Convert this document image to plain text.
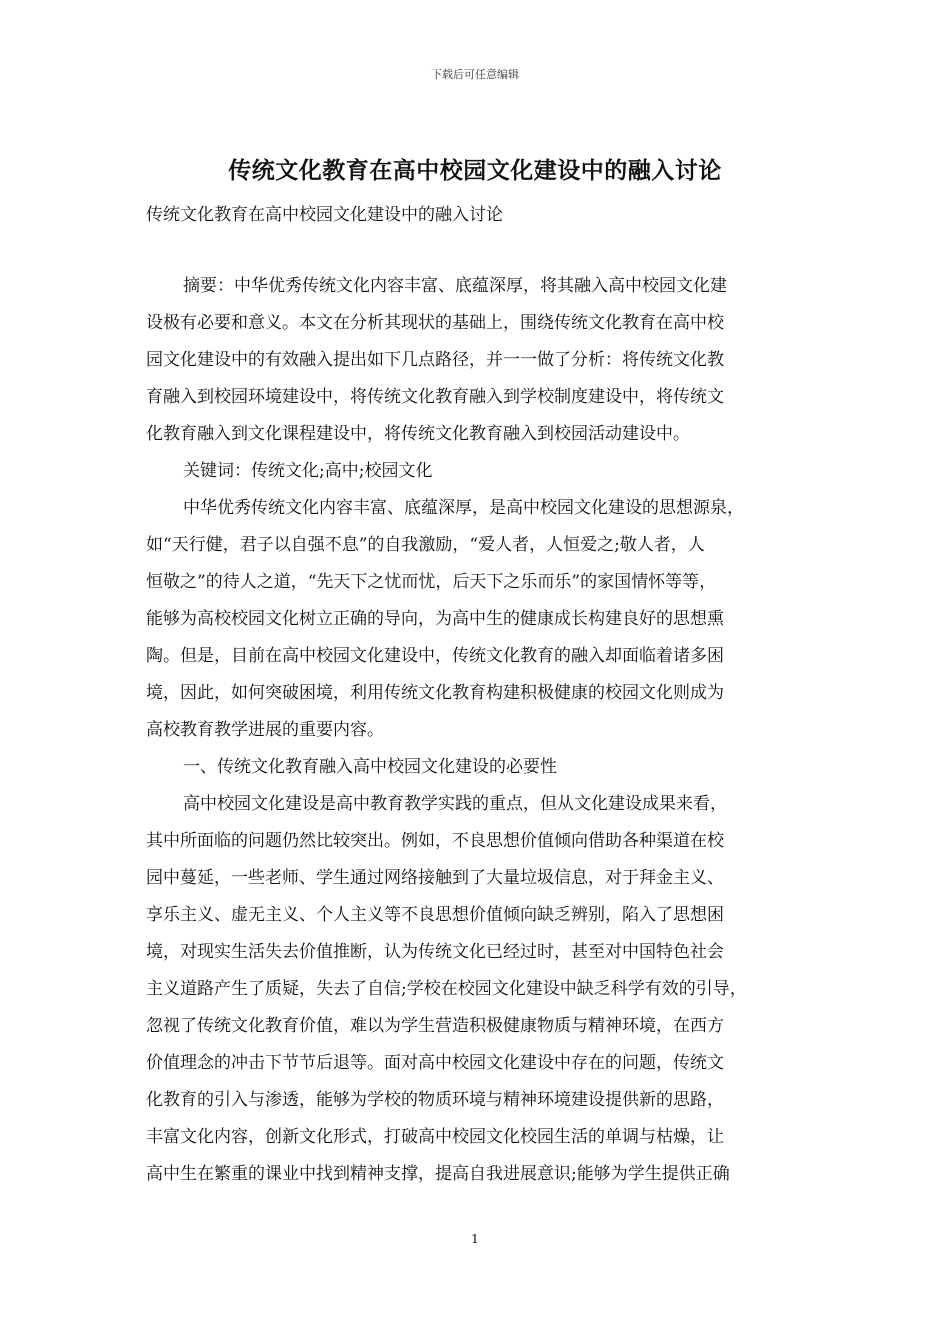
下载后可任意编辑
传统文化教育在高中校园文化建设中的融入讨论
传统文化教育在高中校园文化建设中的融入讨论
摘要：中华优秀传统文化内容丰富、底蕴深厚，将其融入高中校园文化建
设极有必要和意义。本文在分析其现状的基础上，围绕传统文化教育在高中校
园文化建设中的有效融入提出如下几点路径，并一一做了分析：将传统文化教
育融入到校园环境建设中，将传统文化教育融入到学校制度建设中，将传统文
化教育融入到文化课程建设中，将传统文化教育融入到校园活动建设中。
关键词：传统文化;高中;校园文化
中华优秀传统文化内容丰富、底蕴深厚，是高中校园文化建设的思想源泉，
如“天行健，君子以自强不息”的自我激励，“爱人者，人恒爱之;敬人者，人
恒敬之”的待人之道，“先天下之忧而忧，后天下之乐而乐”的家国情怀等等，
能够为高校校园文化树立正确的导向，为高中生的健康成长构建良好的思想熏
陶。但是，目前在高中校园文化建设中，传统文化教育的融入却面临着诸多困
境，因此，如何突破困境，利用传统文化教育构建积极健康的校园文化则成为
高校教育教学进展的重要内容。
一、传统文化教育融入高中校园文化建设的必要性
高中校园文化建设是高中教育教学实践的重点，但从文化建设成果来看，
其中所面临的问题仍然比较突出。例如，不良思想价值倾向借助各种渠道在校
园中蔓延，一些老师、学生通过网络接触到了大量垃圾信息，对于拜金主义、
享乐主义、虚无主义、个人主义等不良思想价值倾向缺乏辨别，陷入了思想困
境，对现实生活失去价值推断，认为传统文化已经过时，甚至对中国特色社会
主义道路产生了质疑，失去了自信;学校在校园文化建设中缺乏科学有效的引导，
忽视了传统文化教育价值，难以为学生营造积极健康物质与精神环境，在西方
价值理念的冲击下节节后退等。面对高中校园文化建设中存在的问题，传统文
化教育的引入与渗透，能够为学校的物质环境与精神环境建设提供新的思路，
丰富文化内容，创新文化形式，打破高中校园文化校园生活的单调与枯燥，让
高中生在繁重的课业中找到精神支撑，提高自我进展意识;能够为学生提供正确
1
